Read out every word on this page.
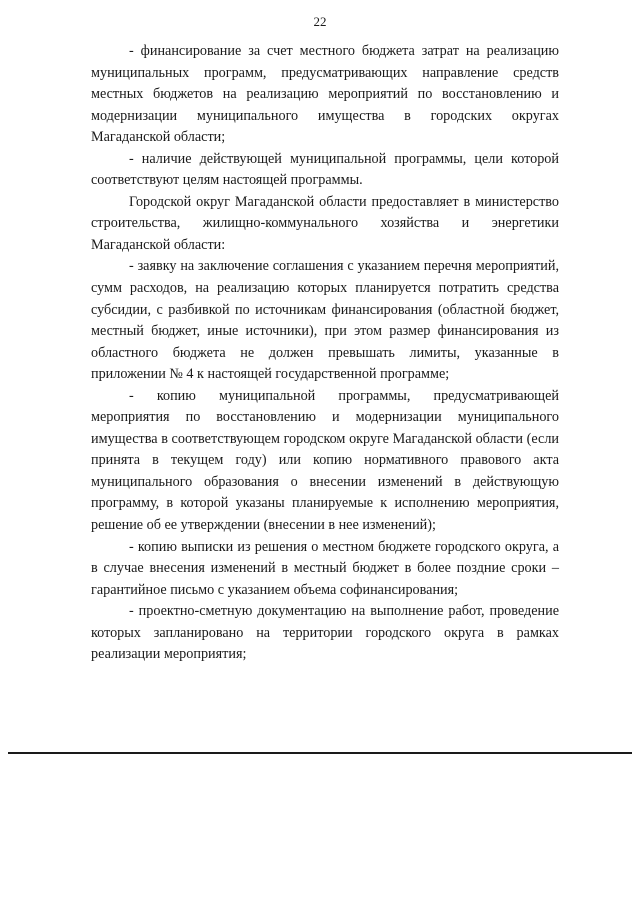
22

- финансирование за счет местного бюджета затрат на реализацию муниципальных программ, предусматривающих направление средств местных бюджетов на реализацию мероприятий по восстановлению и модернизации муниципального имущества в городских округах Магаданской области;

- наличие действующей муниципальной программы, цели которой соответствуют целям настоящей программы.

Городской округ Магаданской области предоставляет в министерство строительства, жилищно-коммунального хозяйства и энергетики Магаданской области:

- заявку на заключение соглашения с указанием перечня мероприятий, сумм расходов, на реализацию которых планируется потратить средства субсидии, с разбивкой по источникам финансирования (областной бюджет, местный бюджет, иные источники), при этом размер финансирования из областного бюджета не должен превышать лимиты, указанные в приложении № 4 к настоящей государственной программе;

- копию муниципальной программы, предусматривающей мероприятия по восстановлению и модернизации муниципального имущества в соответствующем городском округе Магаданской области (если принята в текущем году) или копию нормативного правового акта муниципального образования о внесении изменений в действующую программу, в которой указаны планируемые к исполнению мероприятия, решение об ее утверждении (внесении в нее изменений);

- копию выписки из решения о местном бюджете городского округа, а в случае внесения изменений в местный бюджет в более поздние сроки – гарантийное письмо с указанием объема софинансирования;

- проектно-сметную документацию на выполнение работ, проведение которых запланировано на территории городского округа в рамках реализации мероприятия;
